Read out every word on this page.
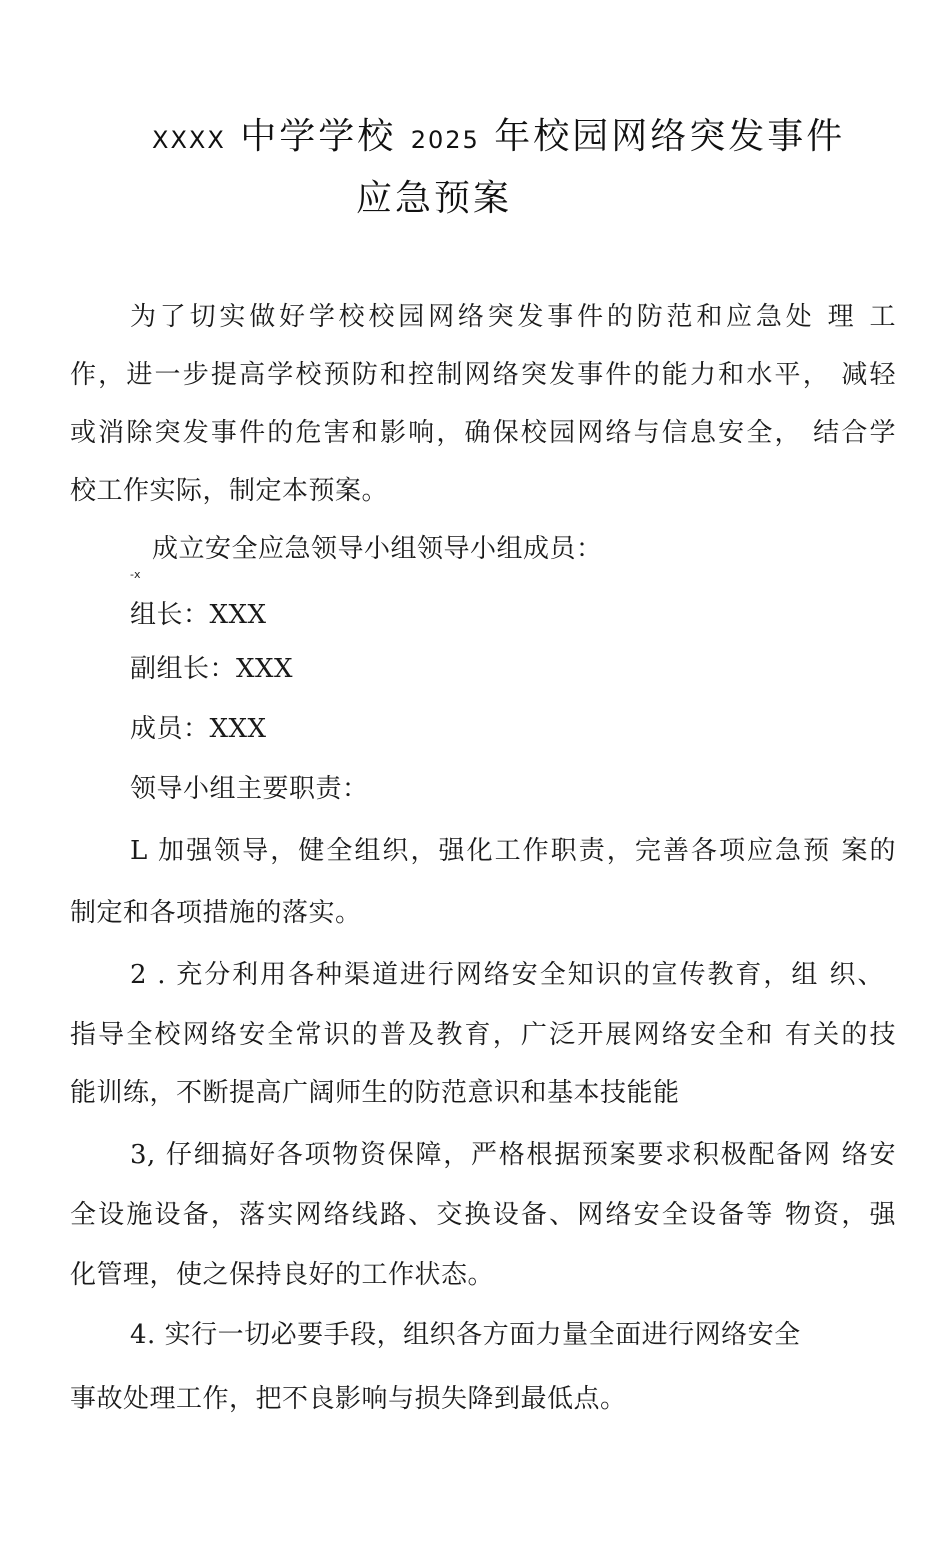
XXXX 中学学校 2025 年校园网络突发事件
应急预案
为了切实做好学校校园网络突发事件的防范和应急处 理 工
作，进一步提高学校预防和控制网络突发事件的能力和水平， 减轻
或消除突发事件的危害和影响，确保校园网络与信息安全， 结合学
校工作实际，制定本预案。
成立安全应急领导小组领导小组成员：
-x
组长：XXX
副组长：XXX
成员：XXX
领导小组主要职责：
L 加强领导，健全组织，强化工作职责，完善各项应急预 案的
制定和各项措施的落实。
2 . 充分利用各种渠道进行网络安全知识的宣传教育，组 织、
指导全校网络安全常识的普及教育，广泛开展网络安全和 有关的技
能训练，不断提高广阔师生的防范意识和基本技能能
3, 仔细搞好各项物资保障，严格根据预案要求积极配备网 络安
全设施设备，落实网络线路、交换设备、网络安全设备等 物资，强
化管理，使之保持良好的工作状态。
4. 实行一切必要手段，组织各方面力量全面进行网络安全
事故处理工作，把不良影响与损失降到最低点。
